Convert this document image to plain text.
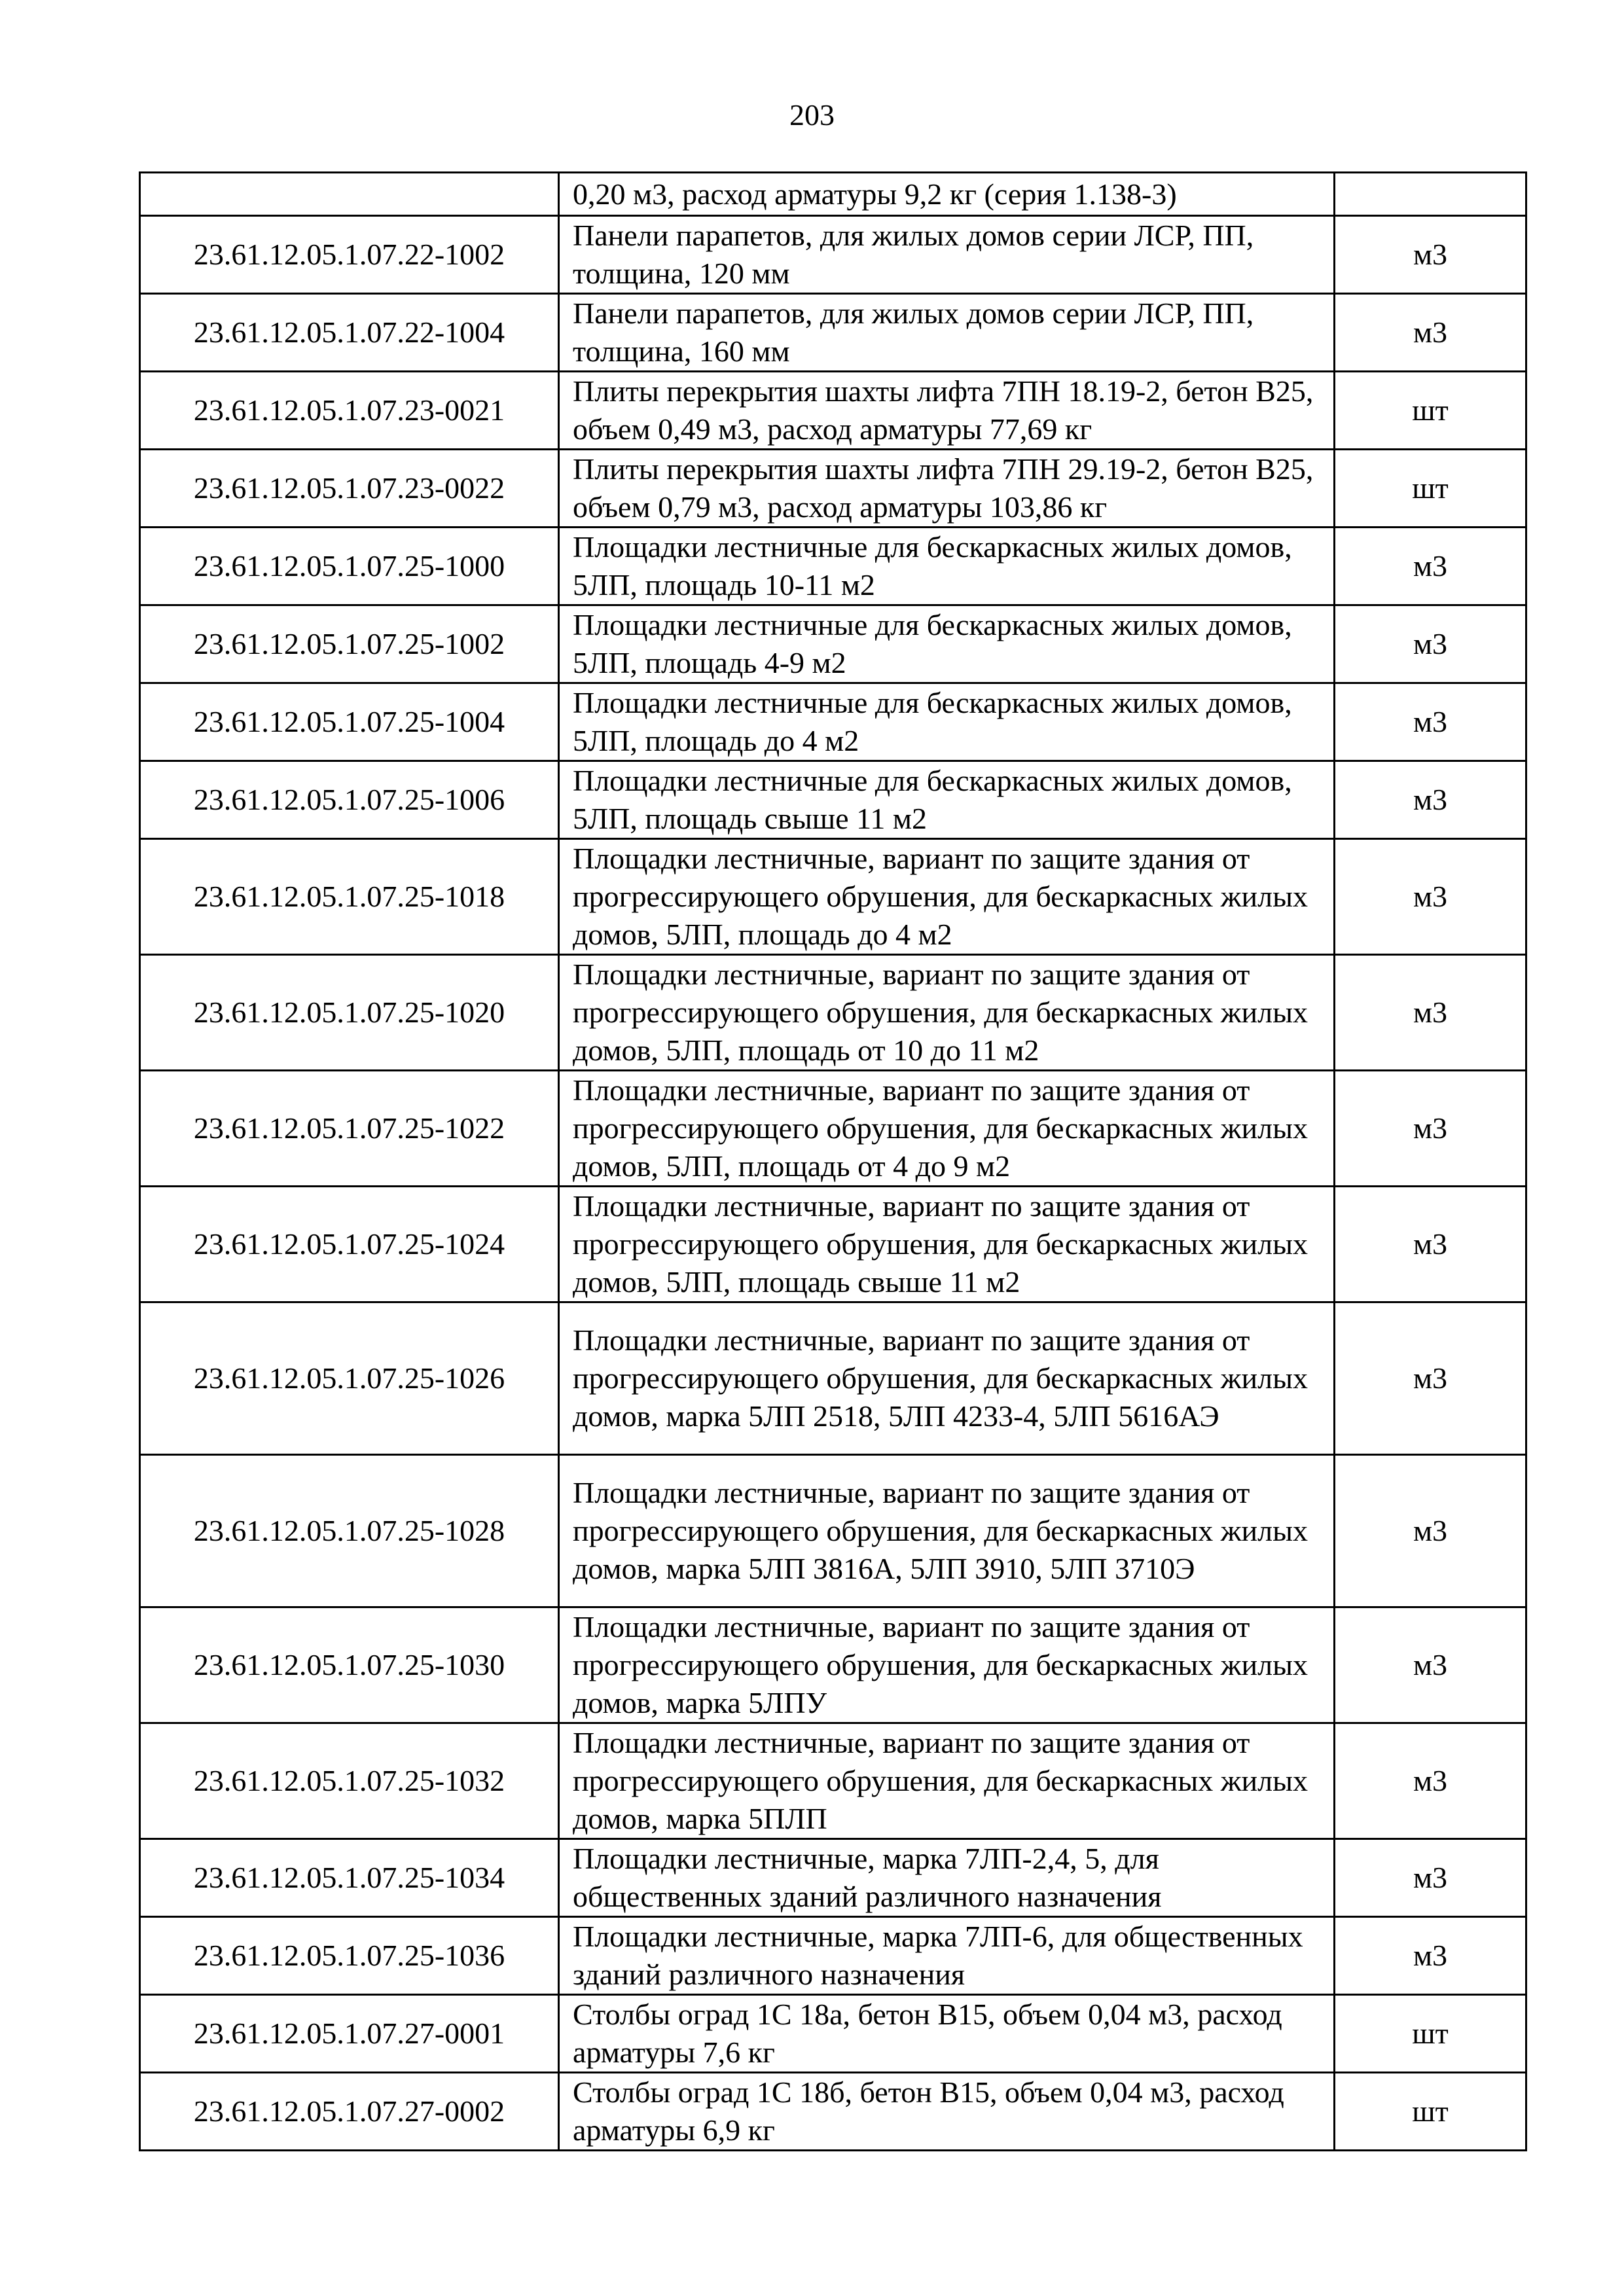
203
	0,20 м3, расход арматуры 9,2 кг (серия 1.138-3)	
23.61.12.05.1.07.22-1002	Панели парапетов, для жилых домов серии ЛСР, ПП, толщина, 120 мм	м3
23.61.12.05.1.07.22-1004	Панели парапетов, для жилых домов серии ЛСР, ПП, толщина, 160 мм	м3
23.61.12.05.1.07.23-0021	Плиты перекрытия шахты лифта 7ПН 18.19-2, бетон В25, объем 0,49 м3, расход арматуры 77,69 кг	шт
23.61.12.05.1.07.23-0022	Плиты перекрытия шахты лифта 7ПН 29.19-2, бетон В25, объем 0,79 м3, расход арматуры 103,86 кг	шт
23.61.12.05.1.07.25-1000	Площадки лестничные для бескаркасных жилых домов, 5ЛП, площадь 10-11 м2	м3
23.61.12.05.1.07.25-1002	Площадки лестничные для бескаркасных жилых домов, 5ЛП, площадь 4-9 м2	м3
23.61.12.05.1.07.25-1004	Площадки лестничные для бескаркасных жилых домов, 5ЛП, площадь до 4 м2	м3
23.61.12.05.1.07.25-1006	Площадки лестничные для бескаркасных жилых домов, 5ЛП, площадь свыше 11 м2	м3
23.61.12.05.1.07.25-1018	Площадки лестничные, вариант по защите здания от прогрессирующего обрушения, для бескаркасных жилых домов, 5ЛП, площадь до 4 м2	м3
23.61.12.05.1.07.25-1020	Площадки лестничные, вариант по защите здания от прогрессирующего обрушения, для бескаркасных жилых домов, 5ЛП, площадь от 10 до 11 м2	м3
23.61.12.05.1.07.25-1022	Площадки лестничные, вариант по защите здания от прогрессирующего обрушения, для бескаркасных жилых домов, 5ЛП, площадь от 4 до 9 м2	м3
23.61.12.05.1.07.25-1024	Площадки лестничные, вариант по защите здания от прогрессирующего обрушения, для бескаркасных жилых домов, 5ЛП, площадь свыше 11 м2	м3
23.61.12.05.1.07.25-1026	Площадки лестничные, вариант по защите здания от прогрессирующего обрушения, для бескаркасных жилых домов, марка 5ЛП 2518, 5ЛП 4233-4, 5ЛП 5616АЭ	м3
23.61.12.05.1.07.25-1028	Площадки лестничные, вариант по защите здания от прогрессирующего обрушения, для бескаркасных жилых домов, марка 5ЛП 3816А, 5ЛП 3910, 5ЛП 3710Э	м3
23.61.12.05.1.07.25-1030	Площадки лестничные, вариант по защите здания от прогрессирующего обрушения, для бескаркасных жилых домов, марка 5ЛПУ	м3
23.61.12.05.1.07.25-1032	Площадки лестничные, вариант по защите здания от прогрессирующего обрушения, для бескаркасных жилых домов, марка 5ПЛП	м3
23.61.12.05.1.07.25-1034	Площадки лестничные, марка 7ЛП-2,4, 5, для общественных зданий различного назначения	м3
23.61.12.05.1.07.25-1036	Площадки лестничные, марка 7ЛП-6, для общественных зданий различного назначения	м3
23.61.12.05.1.07.27-0001	Столбы оград 1С 18а, бетон В15, объем 0,04 м3, расход арматуры 7,6 кг	шт
23.61.12.05.1.07.27-0002	Столбы оград 1С 18б, бетон В15, объем 0,04 м3, расход арматуры 6,9 кг	шт
